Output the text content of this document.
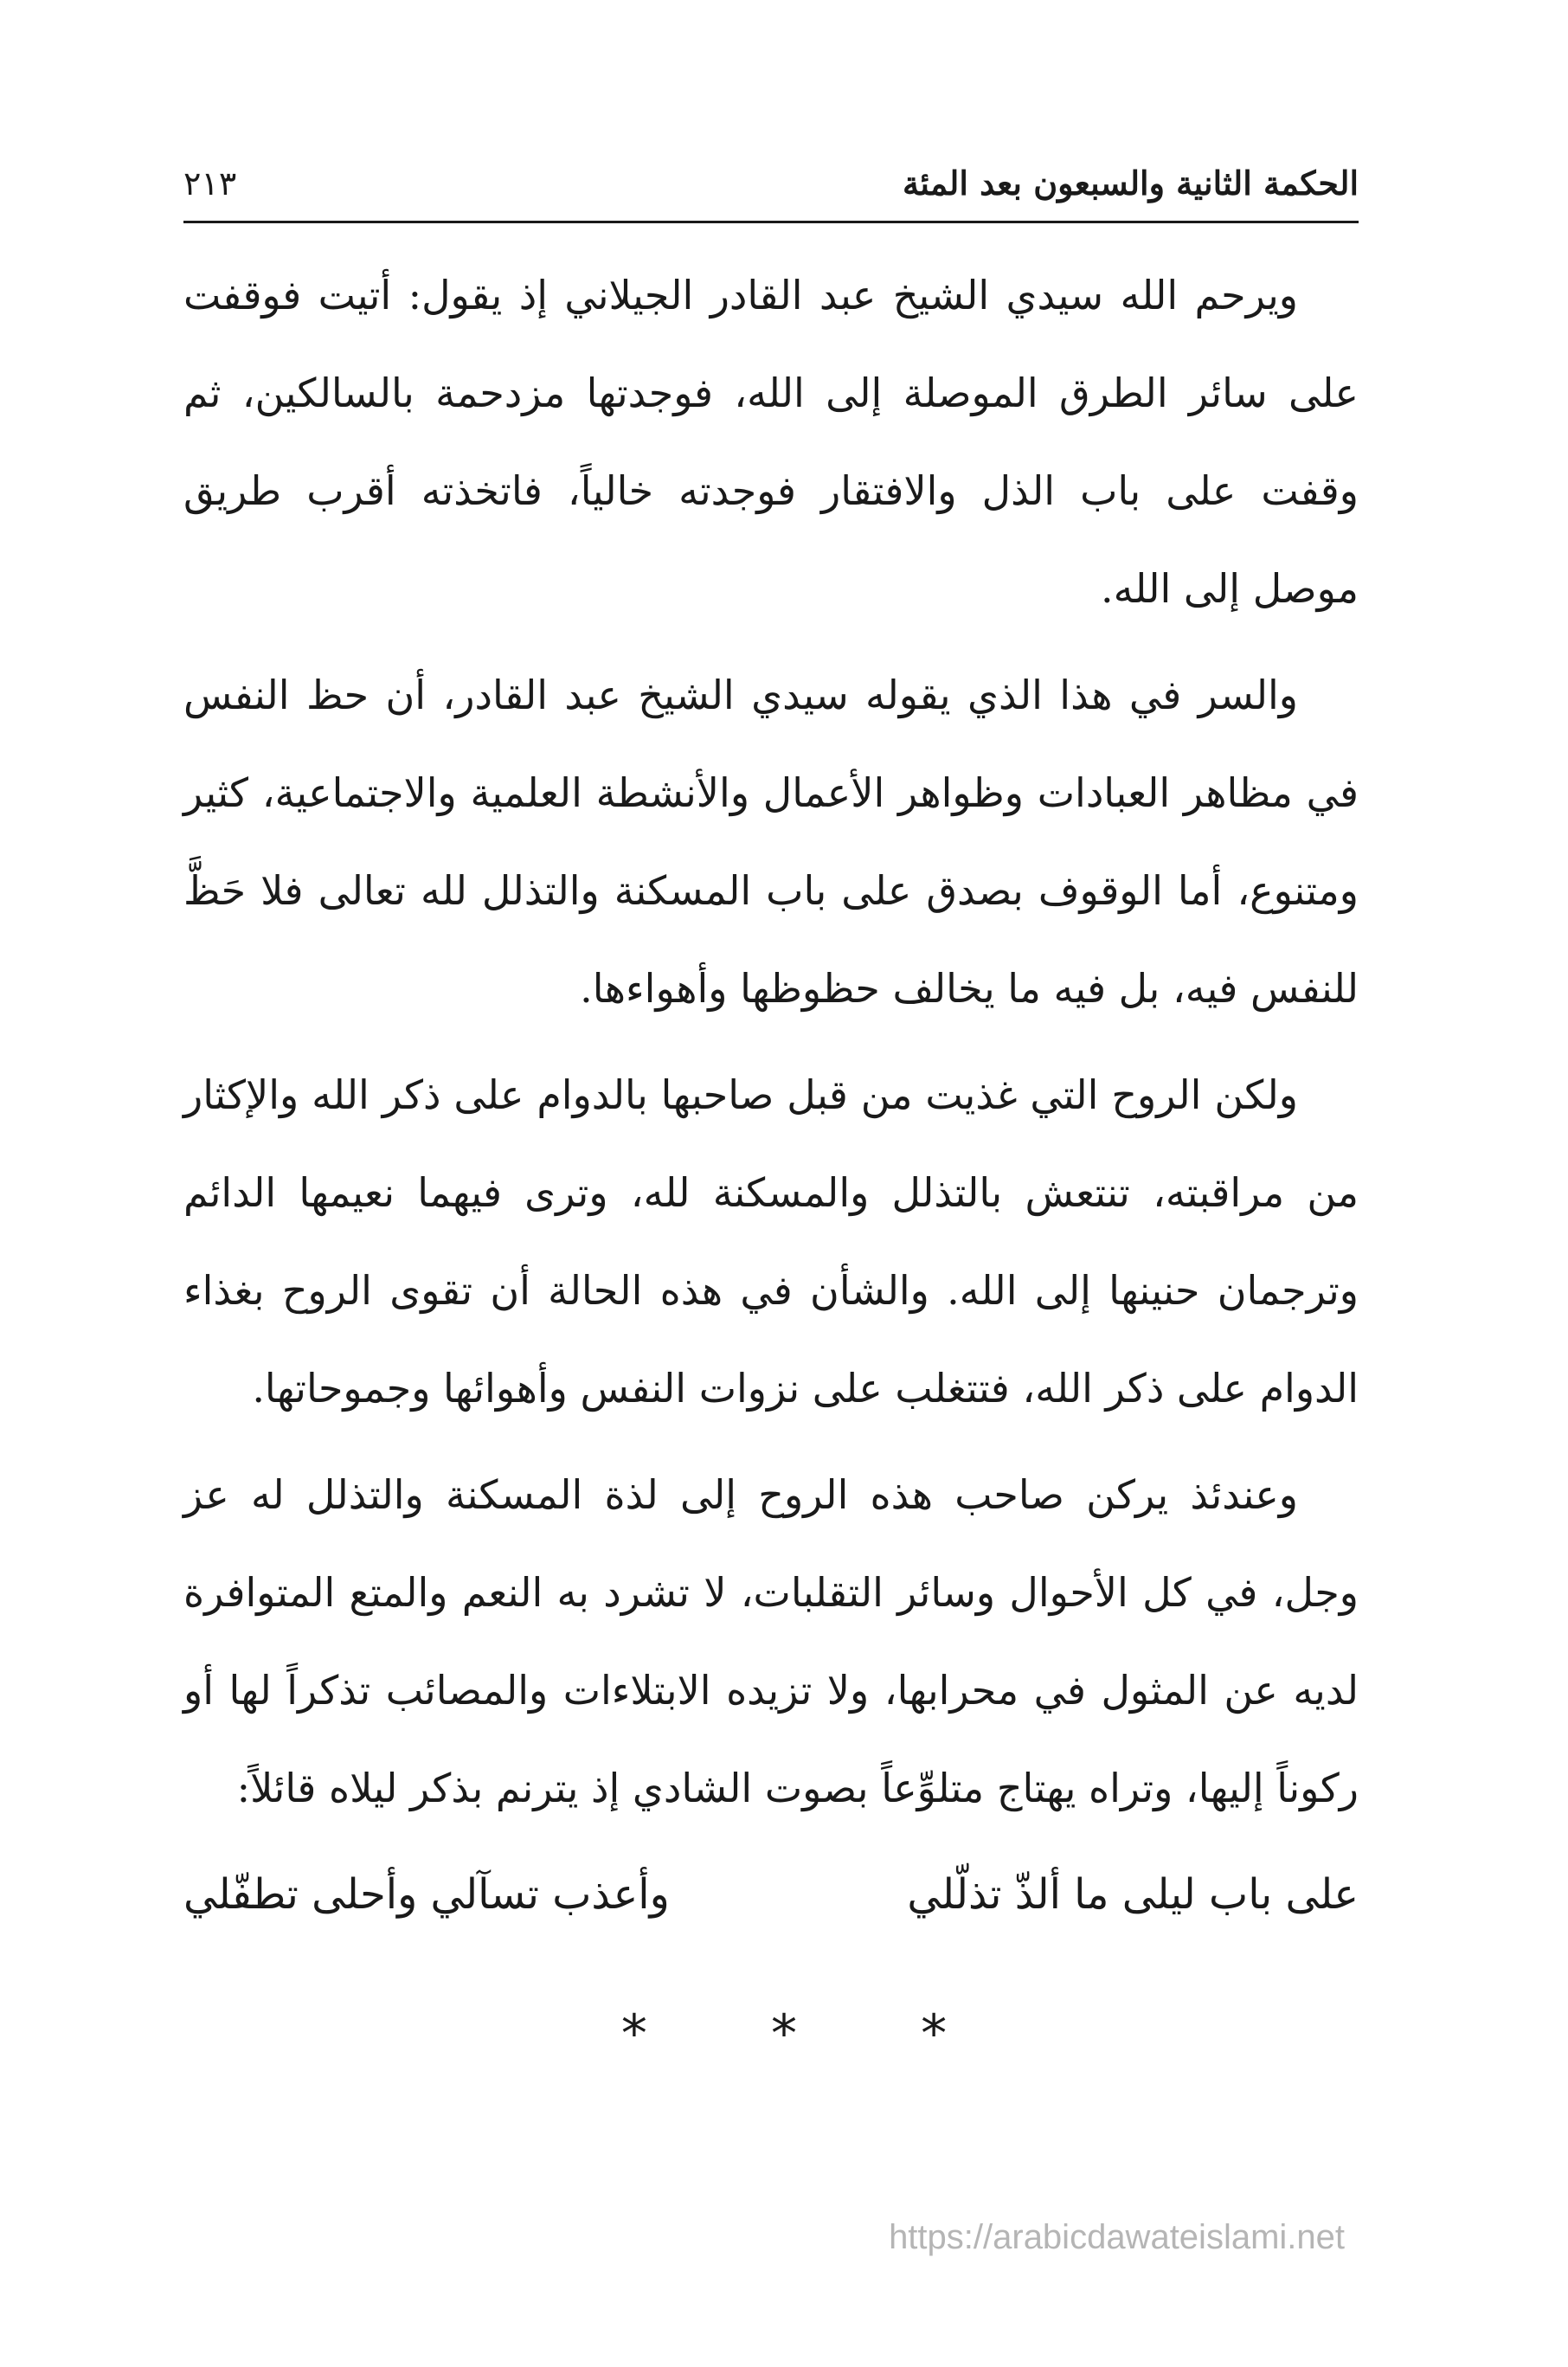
الحكمة الثانية والسبعون بعد المئة
٢١٣

ويرحم الله سيدي الشيخ عبد القادر الجيلاني إذ يقول: أتيت فوقفت على سائر الطرق الموصلة إلى الله، فوجدتها مزدحمة بالسالكين، ثم وقفت على باب الذل والافتقار فوجدته خالياً، فاتخذته أقرب طريق موصل إلى الله.

والسر في هذا الذي يقوله سيدي الشيخ عبد القادر، أن حظ النفس في مظاهر العبادات وظواهر الأعمال والأنشطة العلمية والاجتماعية، كثير ومتنوع، أما الوقوف بصدق على باب المسكنة والتذلل لله تعالى فلا حَظَّ للنفس فيه، بل فيه ما يخالف حظوظها وأهواءها.

ولكن الروح التي غذيت من قبل صاحبها بالدوام على ذكر الله والإكثار من مراقبته، تنتعش بالتذلل والمسكنة لله، وترى فيهما نعيمها الدائم وترجمان حنينها إلى الله. والشأن في هذه الحالة أن تقوى الروح بغذاء الدوام على ذكر الله، فتتغلب على نزوات النفس وأهوائها وجموحاتها.

وعندئذ يركن صاحب هذه الروح إلى لذة المسكنة والتذلل له عز وجل، في كل الأحوال وسائر التقلبات، لا تشرد به النعم والمتع المتوافرة لديه عن المثول في محرابها، ولا تزيده الابتلاءات والمصائب تذكراً لها أو ركوناً إليها، وتراه يهتاج متلوِّعاً بصوت الشادي إذ يترنم بذكر ليلاه قائلاً:

على باب ليلى ما ألذّ تذلّلي
وأعذب تسآلي وأحلى تطفّلي
* * *
https://arabicdawateislami.net
